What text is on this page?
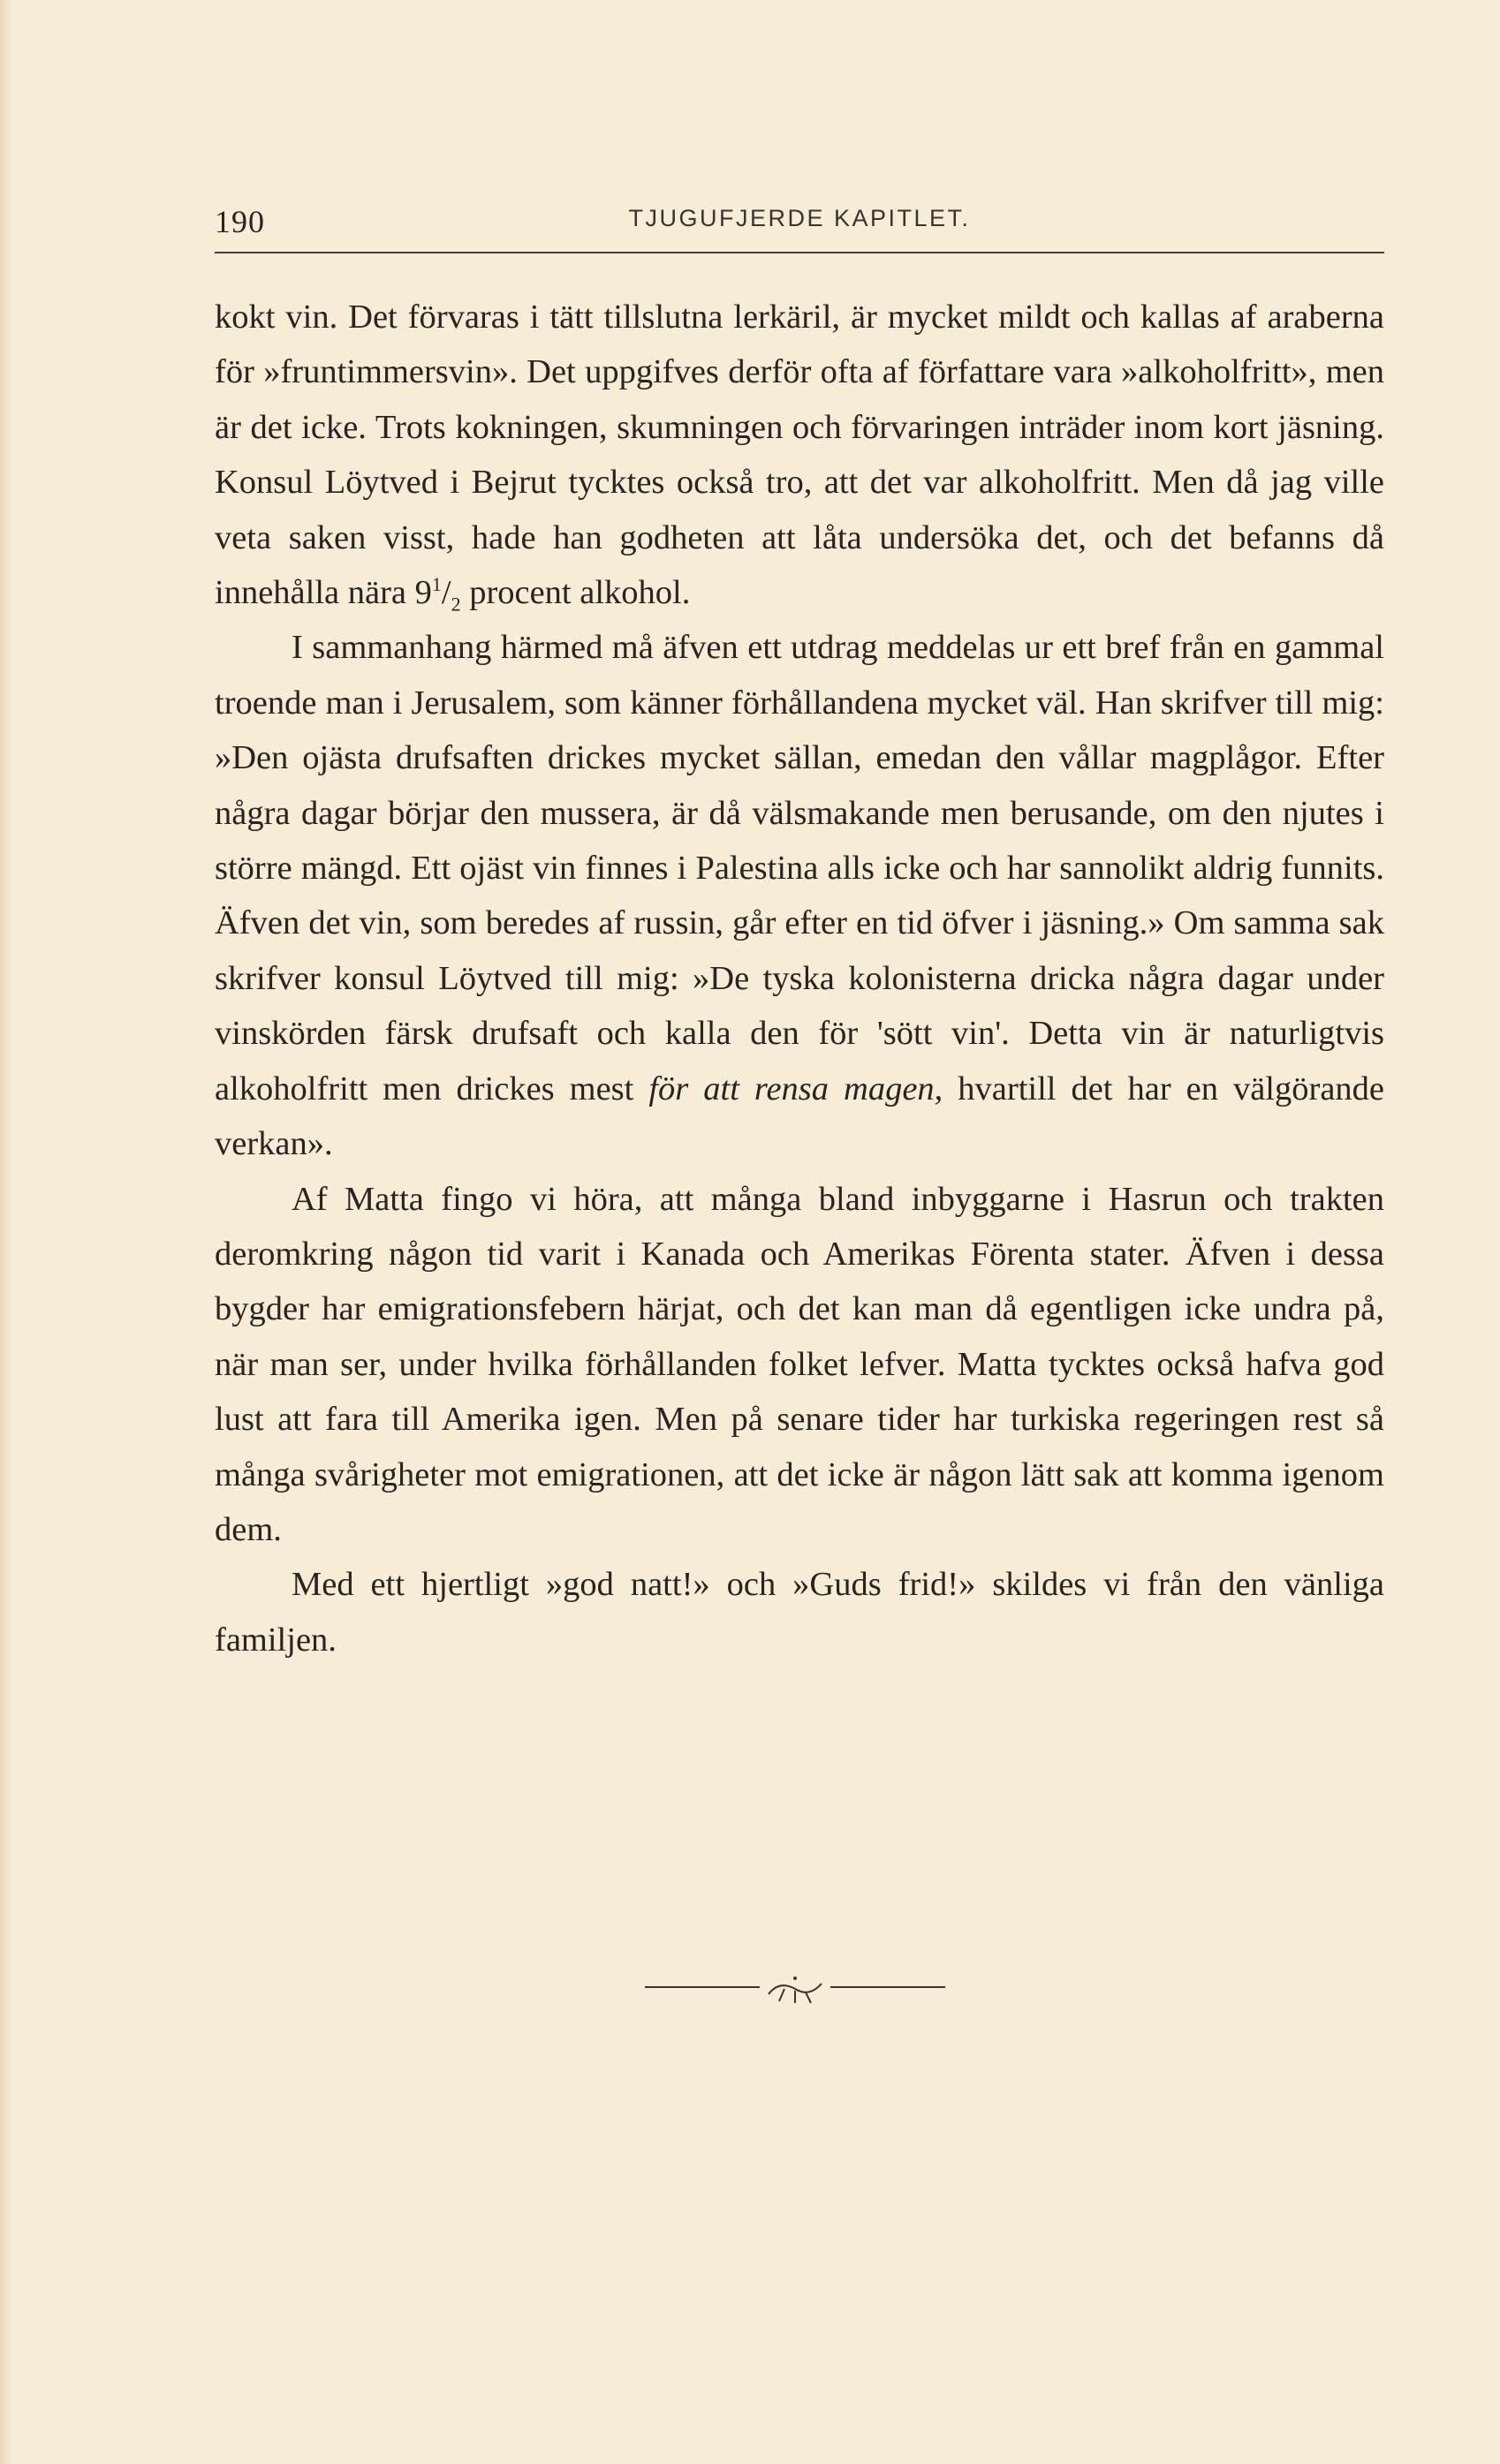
190	TJUGUFJERDE KAPITLET.

kokt vin. Det förvaras i tätt tillslutna lerkäril, är mycket mildt och kallas af araberna för »fruntimmersvin». Det uppgifves derför ofta af författare vara »alkoholfritt», men är det icke. Trots kokningen, skumningen och förvaringen inträder inom kort jäsning. Konsul Löytved i Bejrut tycktes också tro, att det var alkoholfritt. Men då jag ville veta saken visst, hade han godheten att låta undersöka det, och det befanns då innehålla nära $9^1/_2$ procent alkohol.

I sammanhang härmed må äfven ett utdrag meddelas ur ett bref från en gammal troende man i Jerusalem, som känner förhållandena mycket väl. Han skrifver till mig: »Den ojästa drufsaften drickes mycket sällan, emedan den vållar magplågor. Efter några dagar börjar den mussera, är då välsmakande men berusande, om den njutes i större mängd. Ett ojäst vin finnes i Palestina alls icke och har sannolikt aldrig funnits. Äfven det vin, som beredes af russin, går efter en tid öfver i jäsning.» Om samma sak skrifver konsul Löytved till mig: »De tyska kolonisterna dricka några dagar under vinskörden färsk drufsaft och kalla den för 'sött vin'. Detta vin är naturligtvis alkoholfritt men drickes mest för att rensa magen, hvartill det har en välgörande verkan».

Af Matta fingo vi höra, att många bland inbyggarne i Hasrun och trakten deromkring någon tid varit i Kanada och Amerikas Förenta stater. Äfven i dessa bygder har emigrationsfebern härjat, och det kan man då egentligen icke undra på, när man ser, under hvilka förhållanden folket lefver. Matta tycktes också hafva god lust att fara till Amerika igen. Men på senare tider har turkiska regeringen rest så många svårigheter mot emigrationen, att det icke är någon lätt sak att komma igenom dem.

Med ett hjertligt »god natt!» och »Guds frid!» skildes vi från den vänliga familjen.
